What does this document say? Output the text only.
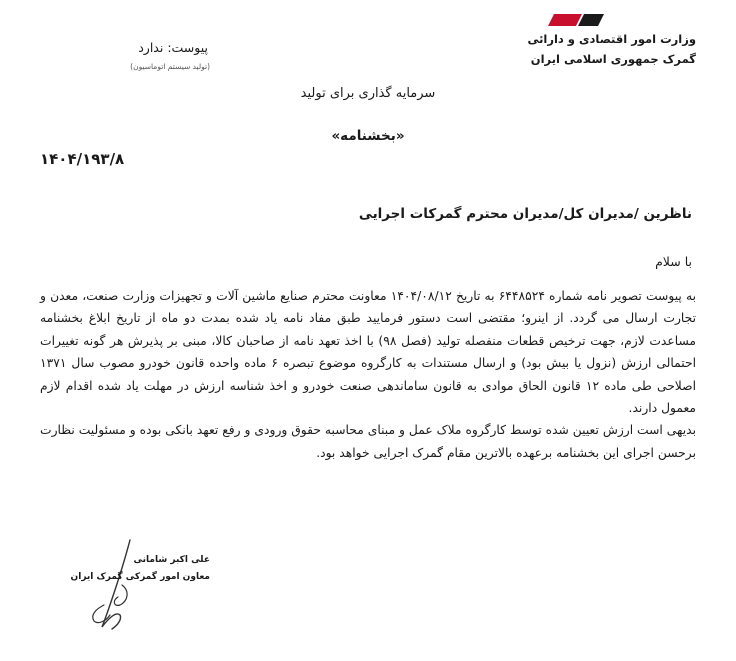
وزارت امور اقتصادی و دارائی
گمرک جمهوری اسلامی ایران
پیوست: ندارد
(تولید سیستم اتوماسیون)
سرمایه گذاری برای تولید
«بخشنامه»
۱۴۰۴/۱۹۳/۸
ناظرین /مدیران کل/مدیران محترم گمرکات اجرایی
با سلام

به پیوست تصویر نامه شماره ۶۴۴۸۵۲۴ به تاریخ ۱۴۰۴/۰۸/۱۲ معاونت محترم صنایع ماشین آلات و تجهیزات وزارت صنعت، معدن و تجارت ارسال می گردد. از اینرو؛ مقتضی است دستور فرمایید طبق مفاد نامه یاد شده بمدت دو ماه از تاریخ ابلاغ بخشنامه مساعدت لازم، جهت ترخیص قطعات منفصله تولید (فصل ۹۸) با اخذ تعهد نامه از صاحبان کالا، مبنی بر پذیرش هر گونه تغییرات احتمالی ارزش (نزول یا بیش بود) و ارسال مستندات به کارگروه موضوع تبصره ۶ ماده واحده قانون خودرو مصوب سال ۱۳۷۱ اصلاحی طی ماده ۱۲ قانون الحاق موادی به قانون ساماندهی صنعت خودرو و اخذ شناسه ارزش در مهلت یاد شده اقدام لازم معمول دارند.

بدیهی است ارزش تعیین شده توسط کارگروه ملاک عمل و مبنای محاسبه حقوق ورودی و رفع تعهد بانکی بوده و مسئولیت نظارت برحسن اجرای این بخشنامه برعهده بالاترین مقام گمرک اجرایی خواهد بود.

علی اکبر شامانی
معاون امور گمرکی گمرک ایران
